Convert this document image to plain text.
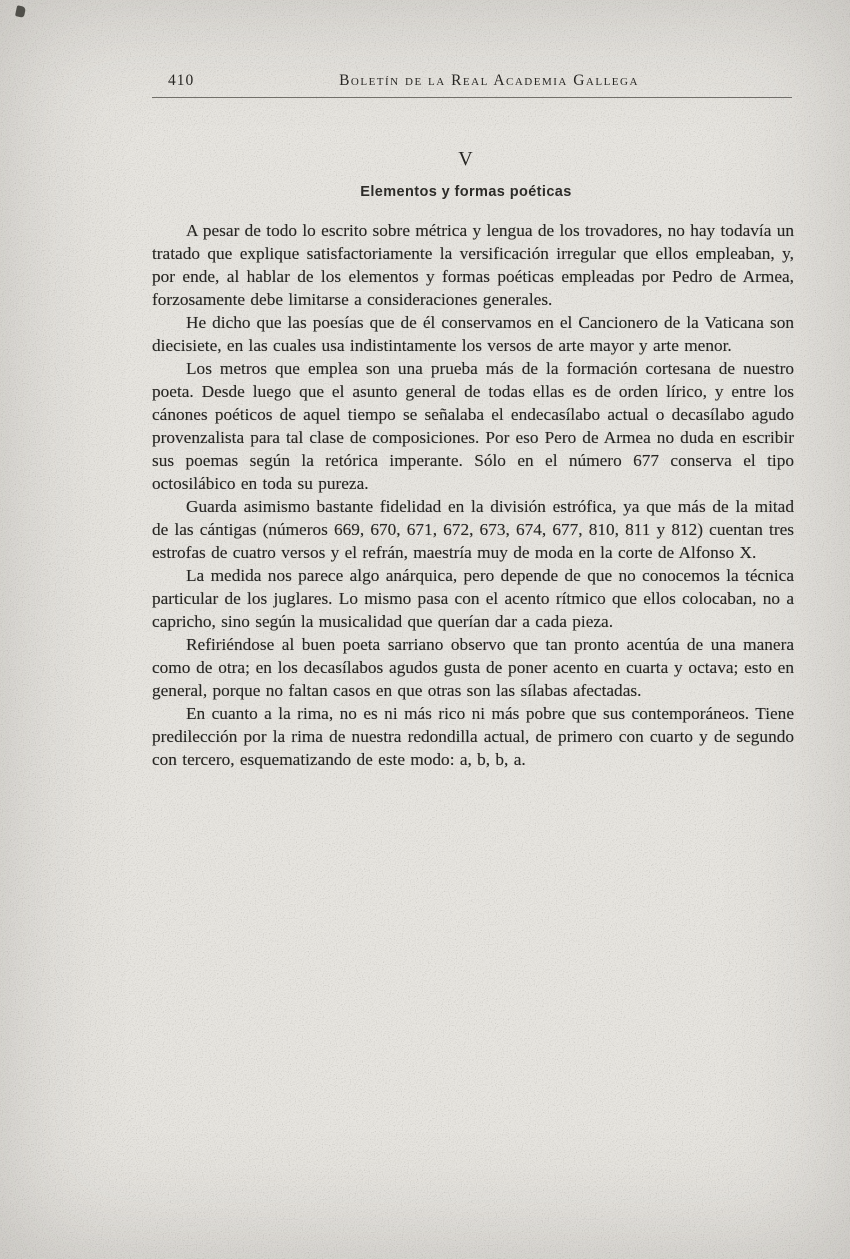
410	Boletín de la Real Academia Gallega
V
Elementos y formas poéticas

A pesar de todo lo escrito sobre métrica y lengua de los trovadores, no hay todavía un tratado que explique satisfactoriamente la versificación irregular que ellos empleaban, y, por ende, al hablar de los elementos y formas poéticas empleadas por Pedro de Armea, forzosamente debe limitarse a consideraciones generales.

He dicho que las poesías que de él conservamos en el Cancionero de la Vaticana son diecisiete, en las cuales usa indistintamente los versos de arte mayor y arte menor.

Los metros que emplea son una prueba más de la formación cortesana de nuestro poeta. Desde luego que el asunto general de todas ellas es de orden lírico, y entre los cánones poéticos de aquel tiempo se señalaba el endecasílabo actual o decasílabo agudo provenzalista para tal clase de composiciones. Por eso Pero de Armea no duda en escribir sus poemas según la retórica imperante. Sólo en el número 677 conserva el tipo octosilábico en toda su pureza.

Guarda asimismo bastante fidelidad en la división estrófica, ya que más de la mitad de las cántigas (números 669, 670, 671, 672, 673, 674, 677, 810, 811 y 812) cuentan tres estrofas de cuatro versos y el refrán, maestría muy de moda en la corte de Alfonso X.

La medida nos parece algo anárquica, pero depende de que no conocemos la técnica particular de los juglares. Lo mismo pasa con el acento rítmico que ellos colocaban, no a capricho, sino según la musicalidad que querían dar a cada pieza.

Refiriéndose al buen poeta sarriano observo que tan pronto acentúa de una manera como de otra; en los decasílabos agudos gusta de poner acento en cuarta y octava; esto en general, porque no faltan casos en que otras son las sílabas afectadas.

En cuanto a la rima, no es ni más rico ni más pobre que sus contemporáneos. Tiene predilección por la rima de nuestra redondilla actual, de primero con cuarto y de segundo con tercero, esquematizando de este modo: a, b, b, a.
